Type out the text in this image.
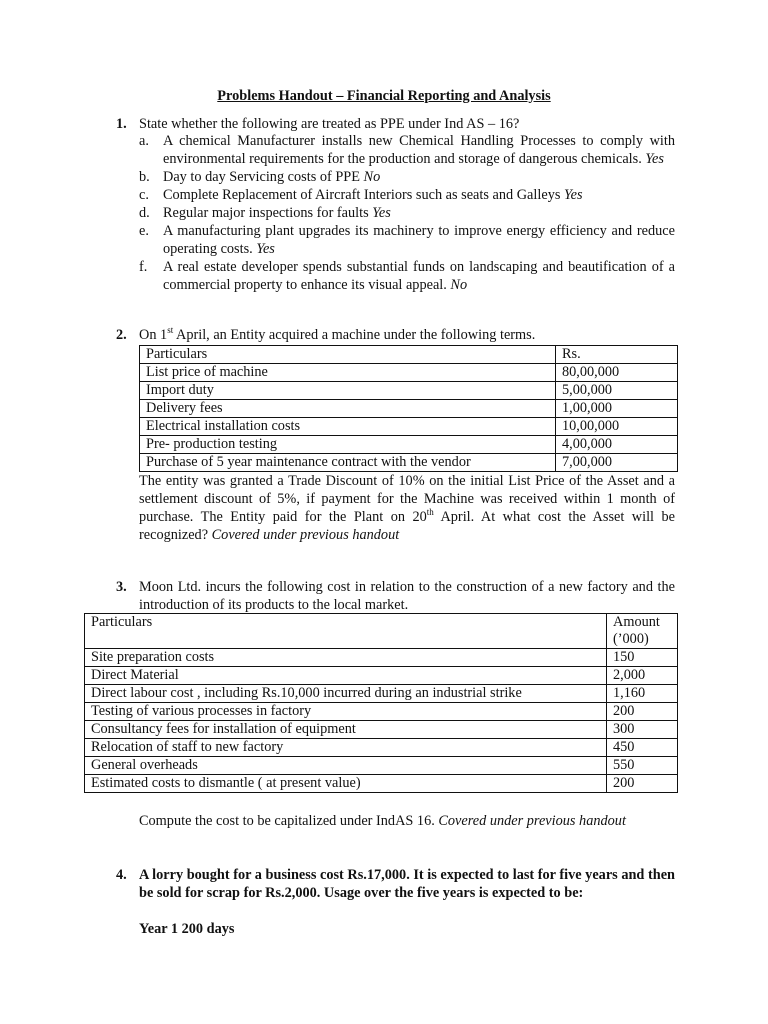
Problems Handout – Financial Reporting and Analysis
1. State whether the following are treated as PPE under Ind AS – 16?
a. A chemical Manufacturer installs new Chemical Handling Processes to comply with environmental requirements for the production and storage of dangerous chemicals. Yes
b. Day to day Servicing costs of PPE No
c. Complete Replacement of Aircraft Interiors such as seats and Galleys Yes
d. Regular major inspections for faults Yes
e. A manufacturing plant upgrades its machinery to improve energy efficiency and reduce operating costs. Yes
f. A real estate developer spends substantial funds on landscaping and beautification of a commercial property to enhance its visual appeal. No
2. On 1st April, an Entity acquired a machine under the following terms.
Particulars	Rs.
List price of machine	80,00,000
Import duty	5,00,000
Delivery fees	1,00,000
Electrical installation costs	10,00,000
Pre- production testing	4,00,000
Purchase of 5 year maintenance contract with the vendor	7,00,000
The entity was granted a Trade Discount of 10% on the initial List Price of the Asset and a settlement discount of 5%, if payment for the Machine was received within 1 month of purchase. The Entity paid for the Plant on 20th April. At what cost the Asset will be recognized? Covered under previous handout
3. Moon Ltd. incurs the following cost in relation to the construction of a new factory and the introduction of its products to the local market.
Particulars	Amount (’000)
Site preparation costs	150
Direct Material	2,000
Direct labour cost , including Rs.10,000 incurred during an industrial strike	1,160
Testing of various processes in factory	200
Consultancy fees for installation of equipment	300
Relocation of staff to new factory	450
General overheads	550
Estimated costs to dismantle ( at present value)	200
Compute the cost to be capitalized under IndAS 16. Covered under previous handout
4. A lorry bought for a business cost Rs.17,000. It is expected to last for five years and then be sold for scrap for Rs.2,000. Usage over the five years is expected to be:
Year 1 200 days
